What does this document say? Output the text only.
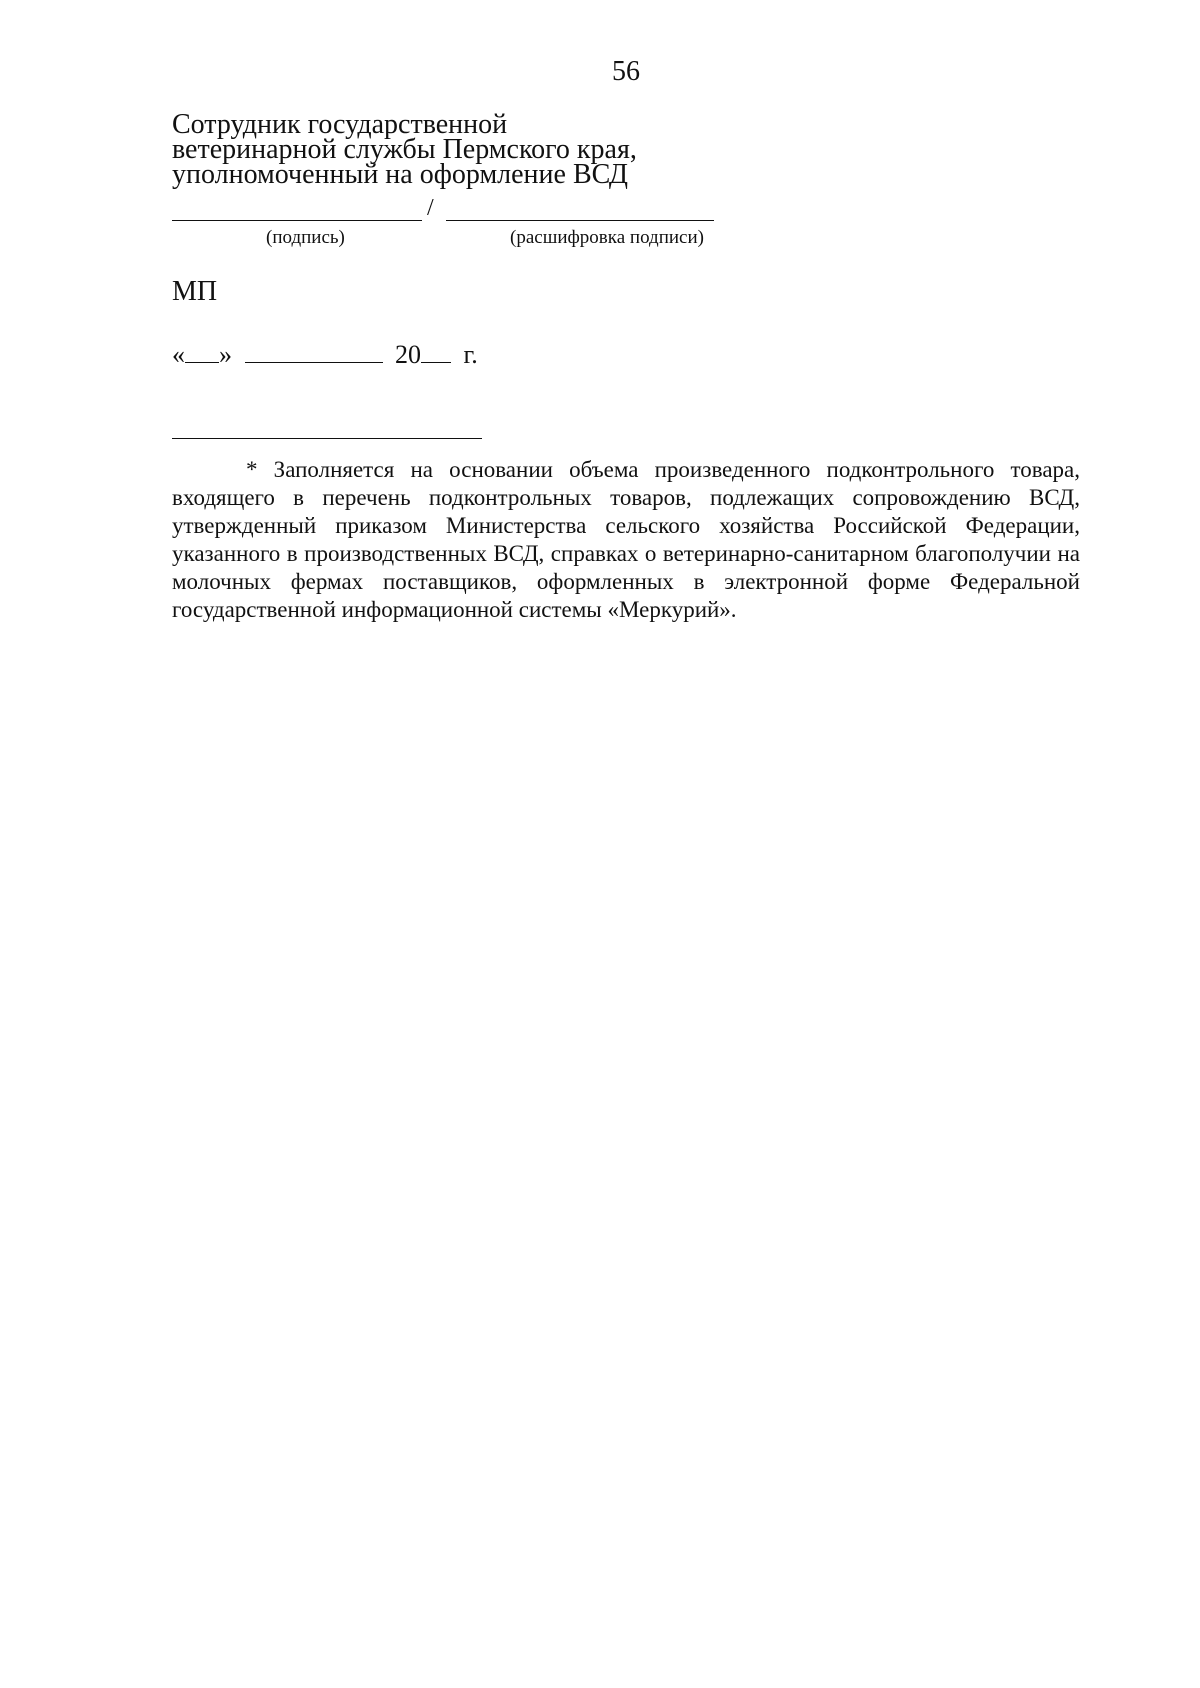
56
Сотрудник государственной
ветеринарной службы Пермского края,
уполномоченный на оформление ВСД
/
(подпись)	(расшифровка подписи)
МП
« »	20 г.
* Заполняется на основании объема произведенного подконтрольного товара, входящего в перечень подконтрольных товаров, подлежащих сопровождению ВСД, утвержденный приказом Министерства сельского хозяйства Российской Федерации, указанного в производственных ВСД, справках о ветеринарно-санитарном благополучии на молочных фермах поставщиков, оформленных в электронной форме Федеральной государственной информационной системы «Меркурий».
